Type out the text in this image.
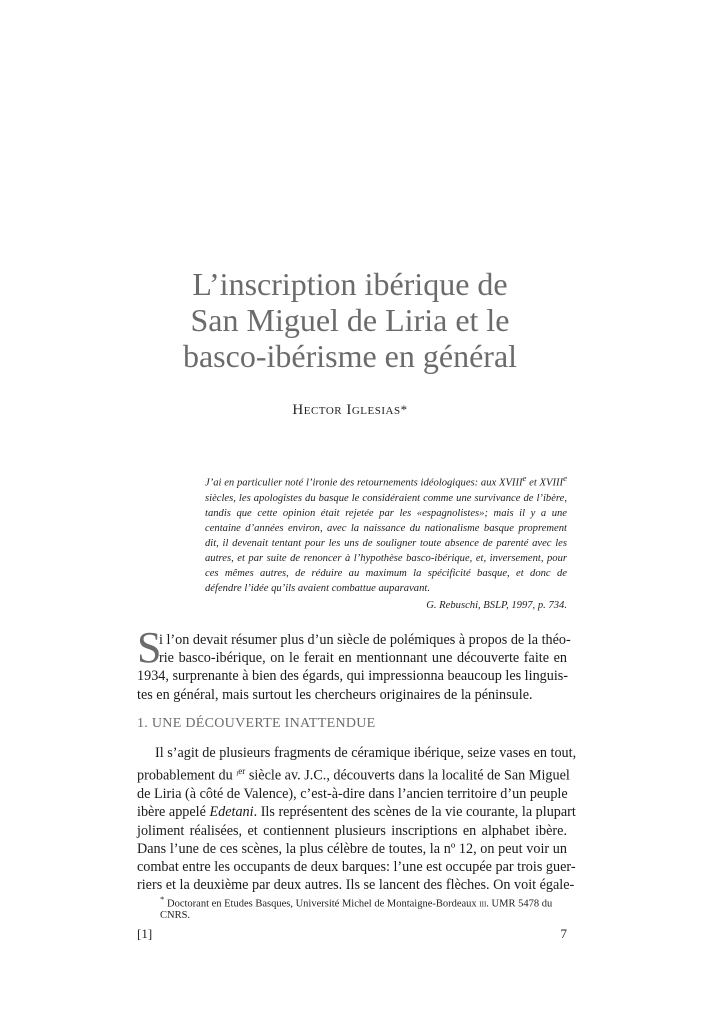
L’inscription ibérique de
San Miguel de Liria et le
basco-ibérisme en général
Hector Iglesias*
J’ai en particulier noté l’ironie des retournements idéologiques: aux XVIIIe et XVIIIe
siècles, les apologistes du basque le considéraient comme une survivance de l’ibère,
tandis que cette opinion était rejetée par les «espagnolistes»; mais il y a une
centaine d’années environ, avec la naissance du nationalisme basque proprement
dit, il devenait tentant pour les uns de souligner toute absence de parenté avec les
autres, et par suite de renoncer à l’hypothèse basco-ibérique, et, inversement, pour
ces mêmes autres, de réduire au maximum la spécificité basque, et donc de
défendre l’idée qu’ils avaient combattue auparavant.
G. Rebuschi, BSLP, 1997, p. 734.
S
i l’on devait résumer plus d’un siècle de polémiques à propos de la théo-
rie basco-ibérique, on le ferait en mentionnant une découverte faite en
1934, surprenante à bien des égards, qui impressionna beaucoup les linguis-
tes en général, mais surtout les chercheurs originaires de la péninsule.
1. UNE DÉCOUVERTE INATTENDUE
Il s’agit de plusieurs fragments de céramique ibérique, seize vases en tout,
probablement du $^{ier}$ siècle av. J.C., découverts dans la localité de San Miguel
de Liria (à côté de Valence), c’est-à-dire dans l’ancien territoire d’un peuple
ibère appelé Edetani. Ils représentent des scènes de la vie courante, la plupart
joliment réalisées, et contiennent plusieurs inscriptions en alphabet ibère.
Dans l’une de ces scènes, la plus célèbre de toutes, la nº 12, on peut voir un
combat entre les occupants de deux barques: l’une est occupée par trois guer-
riers et la deuxième par deux autres. Ils se lancent des flèches. On voit égale-
* Doctorant en Etudes Basques, Université Michel de Montaigne-Bordeaux iii. UMR 5478 du CNRS.
[1]	7
